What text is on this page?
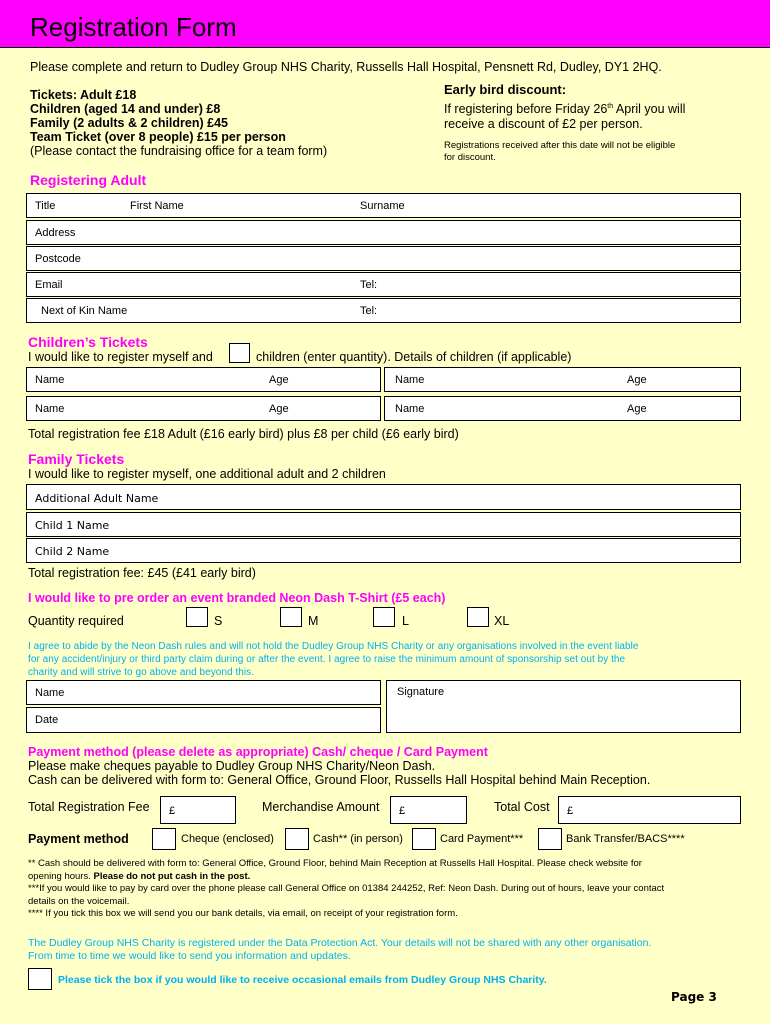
Registration Form
Please complete and return to Dudley Group NHS Charity, Russells Hall Hospital, Pensnett Rd, Dudley, DY1 2HQ.
Tickets: Adult £18
Children (aged 14 and under) £8
Family (2 adults & 2 children) £45
Team Ticket (over 8 people) £15 per person
(Please contact the fundraising office for a team form)
Early bird discount:
If registering before Friday 26th April you will
receive a discount of £2 per person.
Registrations received after this date will not be eligible
for discount.
Registering Adult
Title	First Name	Surname
Address
Postcode
Email	Tel:
Next of Kin Name	Tel:
Children’s Tickets
I would like to register myself and	children (enter quantity). Details of children (if applicable)
Name	Age	Name	Age
Name	Age	Name	Age
Total registration fee £18 Adult (£16 early bird) plus £8 per child (£6 early bird)
Family Tickets
I would like to register myself, one additional adult and 2 children
Additional Adult Name
Child 1 Name
Child 2 Name
Total registration fee: £45 (£41 early bird)
I would like to pre order an event branded Neon Dash T-Shirt (£5 each)
Quantity required	S	M	L	XL
I agree to abide by the Neon Dash rules and will not hold the Dudley Group NHS Charity or any organisations involved in the event liable
for any accident/injury or third party claim during or after the event. I agree to raise the minimum amount of sponsorship set out by the
charity and will strive to go above and beyond this.
Name	Signature
Date
Payment method (please delete as appropriate) Cash/ cheque / Card Payment
Please make cheques payable to Dudley Group NHS Charity/Neon Dash.
Cash can be delivered with form to: General Office, Ground Floor, Russells Hall Hospital behind Main Reception.
Total Registration Fee £	Merchandise Amount £	Total Cost £
Payment method	Cheque (enclosed)	Cash** (in person)	Card Payment***	Bank Transfer/BACS****
** Cash should be delivered with form to: General Office, Ground Floor, behind Main Reception at Russells Hall Hospital. Please check website for
opening hours. Please do not put cash in the post.
***If you would like to pay by card over the phone please call General Office on 01384 244252, Ref: Neon Dash. During out of hours, leave your contact
details on the voicemail.
**** If you tick this box we will send you our bank details, via email, on receipt of your registration form.
The Dudley Group NHS Charity is registered under the Data Protection Act. Your details will not be shared with any other organisation.
From time to time we would like to send you information and updates.
Please tick the box if you would like to receive occasional emails from Dudley Group NHS Charity.
Page 3
